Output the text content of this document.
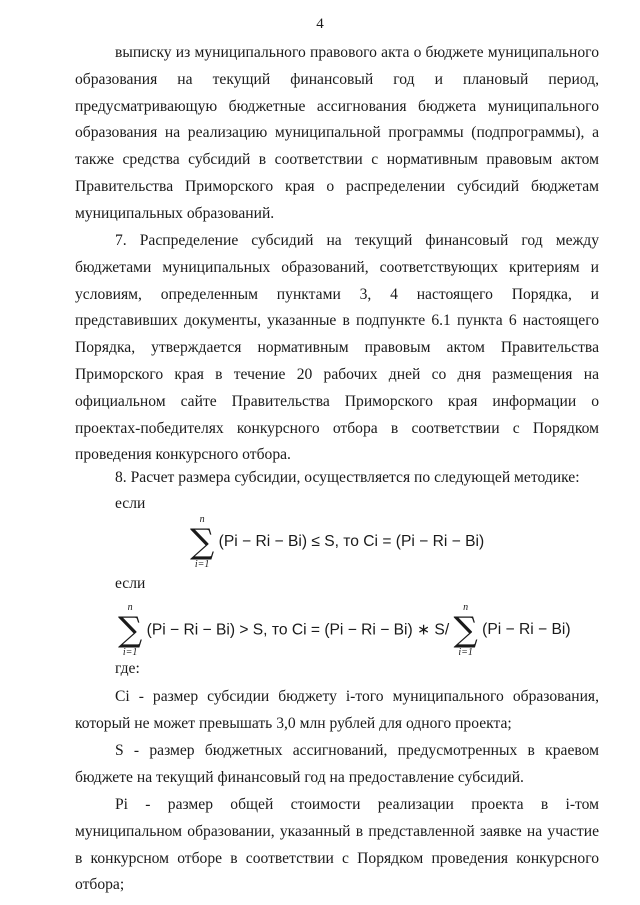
4

выписку из муниципального правового акта о бюджете муниципального образования на текущий финансовый год и плановый период, предусматривающую бюджетные ассигнования бюджета муниципального образования на реализацию муниципальной программы (подпрограммы), а также средства субсидий в соответствии с нормативным правовым актом Правительства Приморского края о распределении субсидий бюджетам муниципальных образований.

7. Распределение субсидий на текущий финансовый год между бюджетами муниципальных образований, соответствующих критериям и условиям, определенным пунктами 3, 4 настоящего Порядка, и представивших документы, указанные в подпункте 6.1 пункта 6 настоящего Порядка, утверждается нормативным правовым актом Правительства Приморского края в течение 20 рабочих дней со дня размещения на официальном сайте Правительства Приморского края информации о проектах-победителях конкурсного отбора в соответствии с Порядком проведения конкурсного отбора.

8. Расчет размера субсидии, осуществляется по следующей методике:

если

n
∑
i=1
(Pi − Ri − Bi) ≤ S, то Ci = (Pi − Ri − Bi)

если

n
∑
i=1
(Pi − Ri − Bi) > S, то Ci = (Pi − Ri − Bi) ∗ S/
n
∑
i=1
(Pi − Ri − Bi)

где:

Ci - размер субсидии бюджету i-того муниципального образования, который не может превышать 3,0 млн рублей для одного проекта;

S - размер бюджетных ассигнований, предусмотренных в краевом бюджете на текущий финансовый год на предоставление субсидий.

Pi - размер общей стоимости реализации проекта в i-том муниципальном образовании, указанный в представленной заявке на участие в конкурсном отборе в соответствии с Порядком проведения конкурсного отбора;
